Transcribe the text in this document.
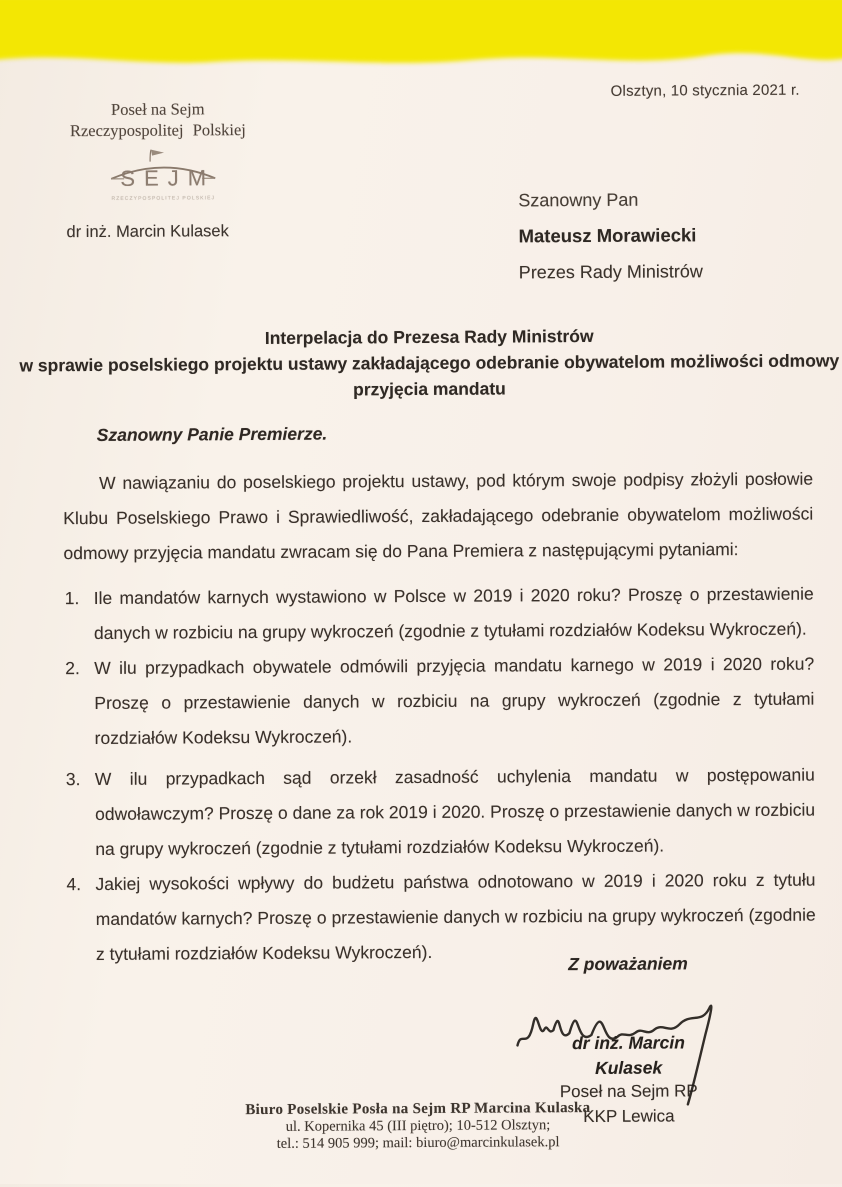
Olsztyn, 10 stycznia 2021 r.
Poseł na Sejm
Rzeczypospolitej Polskiej
SEJM
RZECZYPOSPOLITEJ POLSKIEJ
dr inż. Marcin Kulasek
Szanowny Pan
Mateusz Morawiecki
Prezes Rady Ministrów
Interpelacja do Prezesa Rady Ministrów
w sprawie poselskiego projektu ustawy zakładającego odebranie obywatelom możliwości odmowy
przyjęcia mandatu
Szanowny Panie Premierze.

W nawiązaniu do poselskiego projektu ustawy, pod którym swoje podpisy złożyli posłowie Klubu Poselskiego Prawo i Sprawiedliwość, zakładającego odebranie obywatelom możliwości odmowy przyjęcia mandatu zwracam się do Pana Premiera z następującymi pytaniami:

1. Ile mandatów karnych wystawiono w Polsce w 2019 i 2020 roku? Proszę o przestawienie danych w rozbiciu na grupy wykroczeń (zgodnie z tytułami rozdziałów Kodeksu Wykroczeń).
2. W ilu przypadkach obywatele odmówili przyjęcia mandatu karnego w 2019 i 2020 roku? Proszę o przestawienie danych w rozbiciu na grupy wykroczeń (zgodnie z tytułami rozdziałów Kodeksu Wykroczeń).
3. W ilu przypadkach sąd orzekł zasadność uchylenia mandatu w postępowaniu odwoławczym? Proszę o dane za rok 2019 i 2020. Proszę o przestawienie danych w rozbiciu na grupy wykroczeń (zgodnie z tytułami rozdziałów Kodeksu Wykroczeń).
4. Jakiej wysokości wpływy do budżetu państwa odnotowano w 2019 i 2020 roku z tytułu mandatów karnych? Proszę o przestawienie danych w rozbiciu na grupy wykroczeń (zgodnie z tytułami rozdziałów Kodeksu Wykroczeń).	Z poważaniem
dr inż. Marcin Kulasek
Poseł na Sejm RP
KKP Lewica
Biuro Poselskie Posła na Sejm RP Marcina Kulaska
ul. Kopernika 45 (III piętro); 10-512 Olsztyn;
tel.: 514 905 999; mail: biuro@marcinkulasek.pl
